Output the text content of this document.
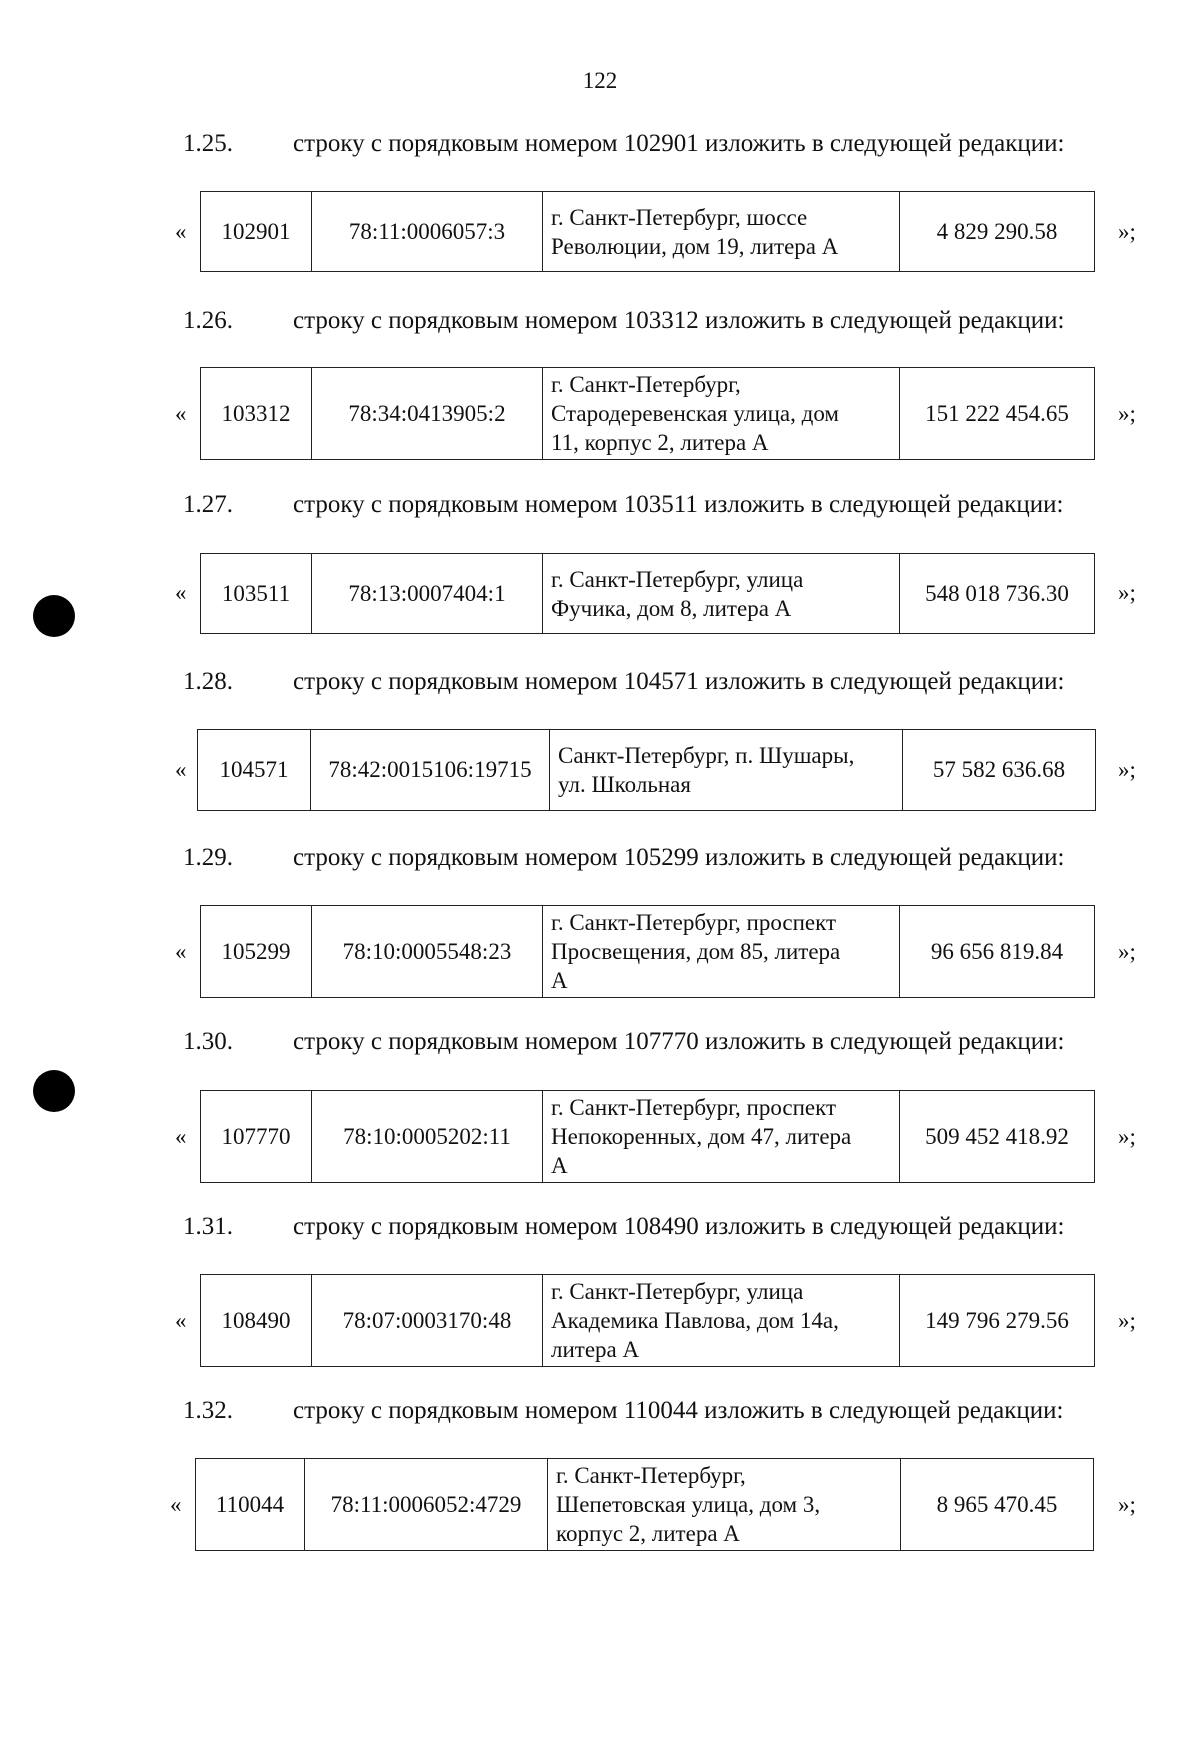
122
1.25. строку с порядковым номером 102901 изложить в следующей редакции:
« 102901	78:11:0006057:3	
г. Санкт-Петербург, шоссе
Революции, дом 19, литера А
	4 829 290.58	»;
1.26. строку с порядковым номером 103312 изложить в следующей редакции:
« 103312	78:34:0413905:2	
г. Санкт-Петербург,
Стародеревенская улица, дом
11, корпус 2, литера А
	151 222 454.65 »;
1.27. строку с порядковым номером 103511 изложить в следующей редакции:
« 103511	78:13:0007404:1	
г. Санкт-Петербург, улица
Фучика, дом 8, литера А
	548 018 736.30 »;
1.28. строку с порядковым номером 104571 изложить в следующей редакции:
« 104571	78:42:0015106:19715	
Санкт-Петербург, п. Шушары,
ул. Школьная
	57 582 636.68 »;
1.29. строку с порядковым номером 105299 изложить в следующей редакции:
« 105299	78:10:0005548:23	
г. Санкт-Петербург, проспект
Просвещения, дом 85, литера
А
	96 656 819.84 »;
1.30. строку с порядковым номером 107770 изложить в следующей редакции:
« 107770	78:10:0005202:11	
г. Санкт-Петербург, проспект
Непокоренных, дом 47, литера
А
	509 452 418.92 »;
1.31. строку с порядковым номером 108490 изложить в следующей редакции:
« 108490	78:07:0003170:48	
г. Санкт-Петербург, улица
Академика Павлова, дом 14а,
литера А
	149 796 279.56 »;
1.32. строку с порядковым номером 110044 изложить в следующей редакции:
« 110044	78:11:0006052:4729	
г. Санкт-Петербург,
Шепетовская улица, дом 3,
корпус 2, литера А
	8 965 470.45	»;
